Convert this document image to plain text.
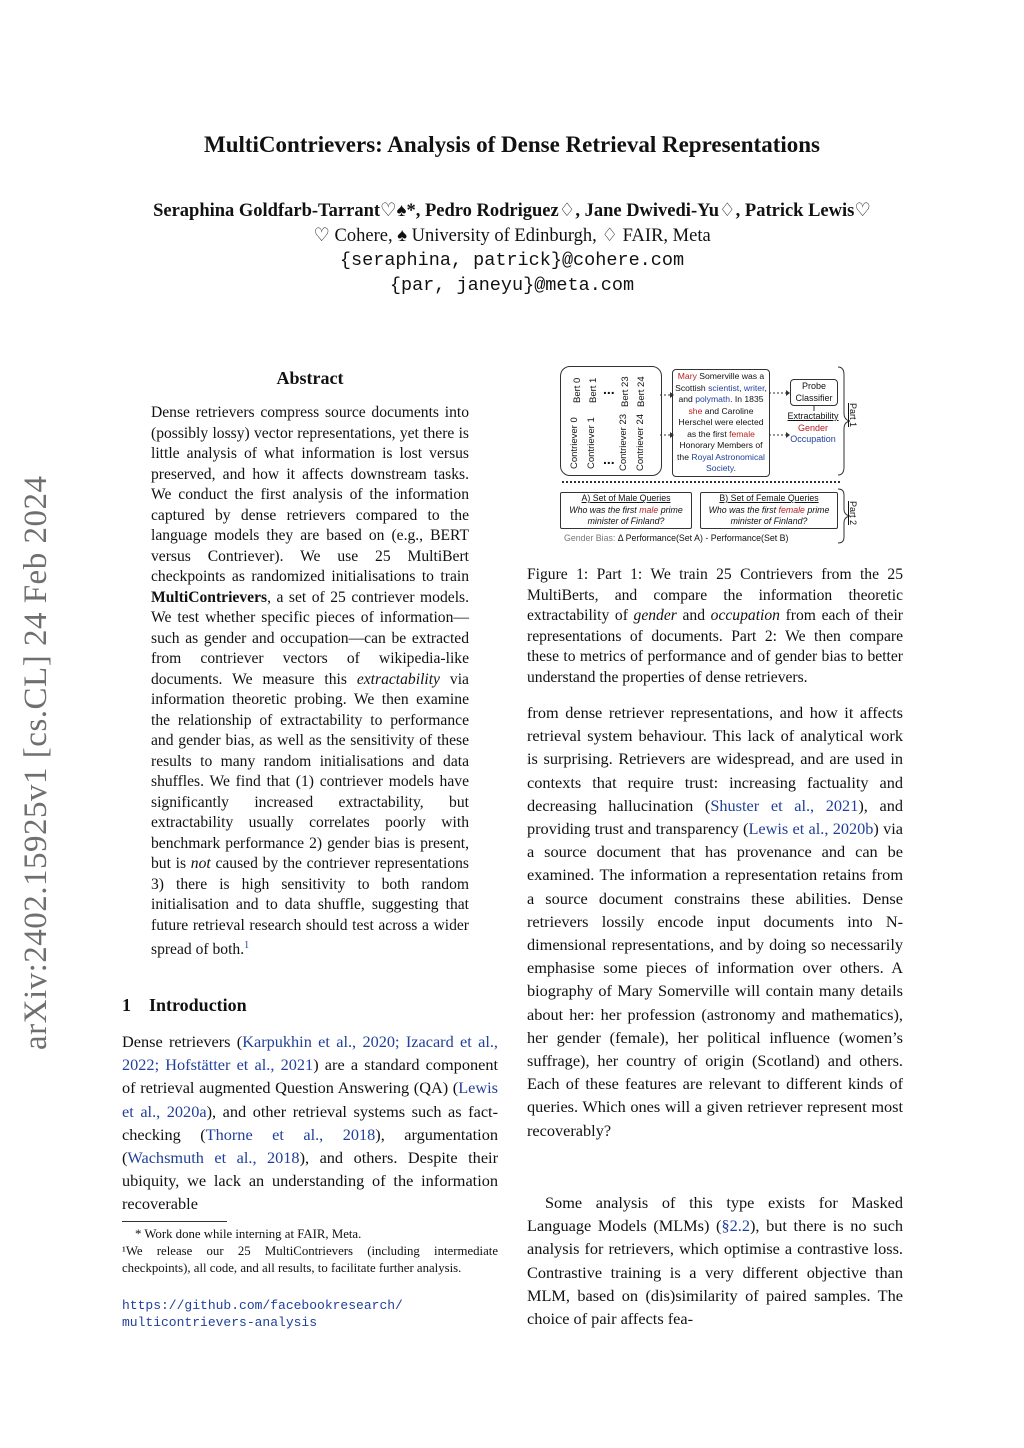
arXiv:2402.15925v1 [cs.CL] 24 Feb 2024
MultiContrievers: Analysis of Dense Retrieval Representations
Seraphina Goldfarb-Tarrant♡♠*, Pedro Rodriguez♢, Jane Dwivedi-Yu♢, Patrick Lewis♡
♡ Cohere, ♠ University of Edinburgh, ♢ FAIR, Meta
{seraphina, patrick}@cohere.com
{par, janeyu}@meta.com
Abstract
Dense retrievers compress source documents into (possibly lossy) vector representations, yet there is little analysis of what information is lost versus preserved, and how it affects downstream tasks. We conduct the first analysis of the information captured by dense retrievers compared to the language models they are based on (e.g., BERT versus Contriever). We use 25 MultiBert checkpoints as randomized initialisations to train MultiContrievers, a set of 25 contriever models. We test whether specific pieces of information—such as gender and occupation—can be extracted from contriever vectors of wikipedia-like documents. We measure this extractability via information theoretic probing. We then examine the relationship of extractability to performance and gender bias, as well as the sensitivity of these results to many random initialisations and data shuffles. We find that (1) contriever models have significantly increased extractability, but extractability usually correlates poorly with benchmark performance 2) gender bias is present, but is not caused by the contriever representations 3) there is high sensitivity to both random initialisation and to data shuffle, suggesting that future retrieval research should test across a wider spread of both.$^1$
1    Introduction
Dense retrievers (Karpukhin et al., 2020; Izacard et al., 2022; Hofstätter et al., 2021) are a standard component of retrieval augmented Question Answering (QA) (Lewis et al., 2020a), and other retrieval systems such as fact-checking (Thorne et al., 2018), argumentation (Wachsmuth et al., 2018), and others. Despite their ubiquity, we lack an understanding of the information recoverable
* Work done while interning at FAIR, Meta.
¹We release our 25 MultiContrievers (including intermediate checkpoints), all code, and all results, to facilitate further analysis.
https://github.com/facebookresearch/
multicontrievers-analysis
Bert 0 Bert 1 Bert 23 Bert 24
Contriever 0 Contriever 1 Contriever 23 Contriever 24
...
...
Mary Somerville was a Scottish scientist, writer, and polymath. In 1835 she and Caroline Herschel were elected as the first female Honorary Members of the Royal Astronomical Society.
Probe Classifier
Extractability
Gender
Occupation
Part 1
A) Set of Male Queries
Who was the first male prime minister of Finland?
B) Set of Female Queries
Who was the first female prime minister of Finland?
Gender Bias: Δ Performance(Set A) - Performance(Set B)
Part 2
Figure 1: Part 1: We train 25 Contrievers from the 25 MultiBerts, and compare the information theoretic extractability of gender and occupation from each of their representations of documents. Part 2: We then compare these to metrics of performance and of gender bias to better understand the properties of dense retrievers.
from dense retriever representations, and how it affects retrieval system behaviour. This lack of analytical work is surprising. Retrievers are widespread, and are used in contexts that require trust: increasing factuality and decreasing hallucination (Shuster et al., 2021), and providing trust and transparency (Lewis et al., 2020b) via a source document that has provenance and can be examined. The information a representation retains from a source document constrains these abilities. Dense retrievers lossily encode input documents into N-dimensional representations, and by doing so necessarily emphasise some pieces of information over others. A biography of Mary Somerville will contain many details about her: her profession (astronomy and mathematics), her gender (female), her political influence (women’s suffrage), her country of origin (Scotland) and others. Each of these features are relevant to different kinds of queries. Which ones will a given retriever represent most recoverably?
Some analysis of this type exists for Masked Language Models (MLMs) (§2.2), but there is no such analysis for retrievers, which optimise a contrastive loss. Contrastive training is a very different objective than MLM, based on (dis)similarity of paired samples. The choice of pair affects fea-
